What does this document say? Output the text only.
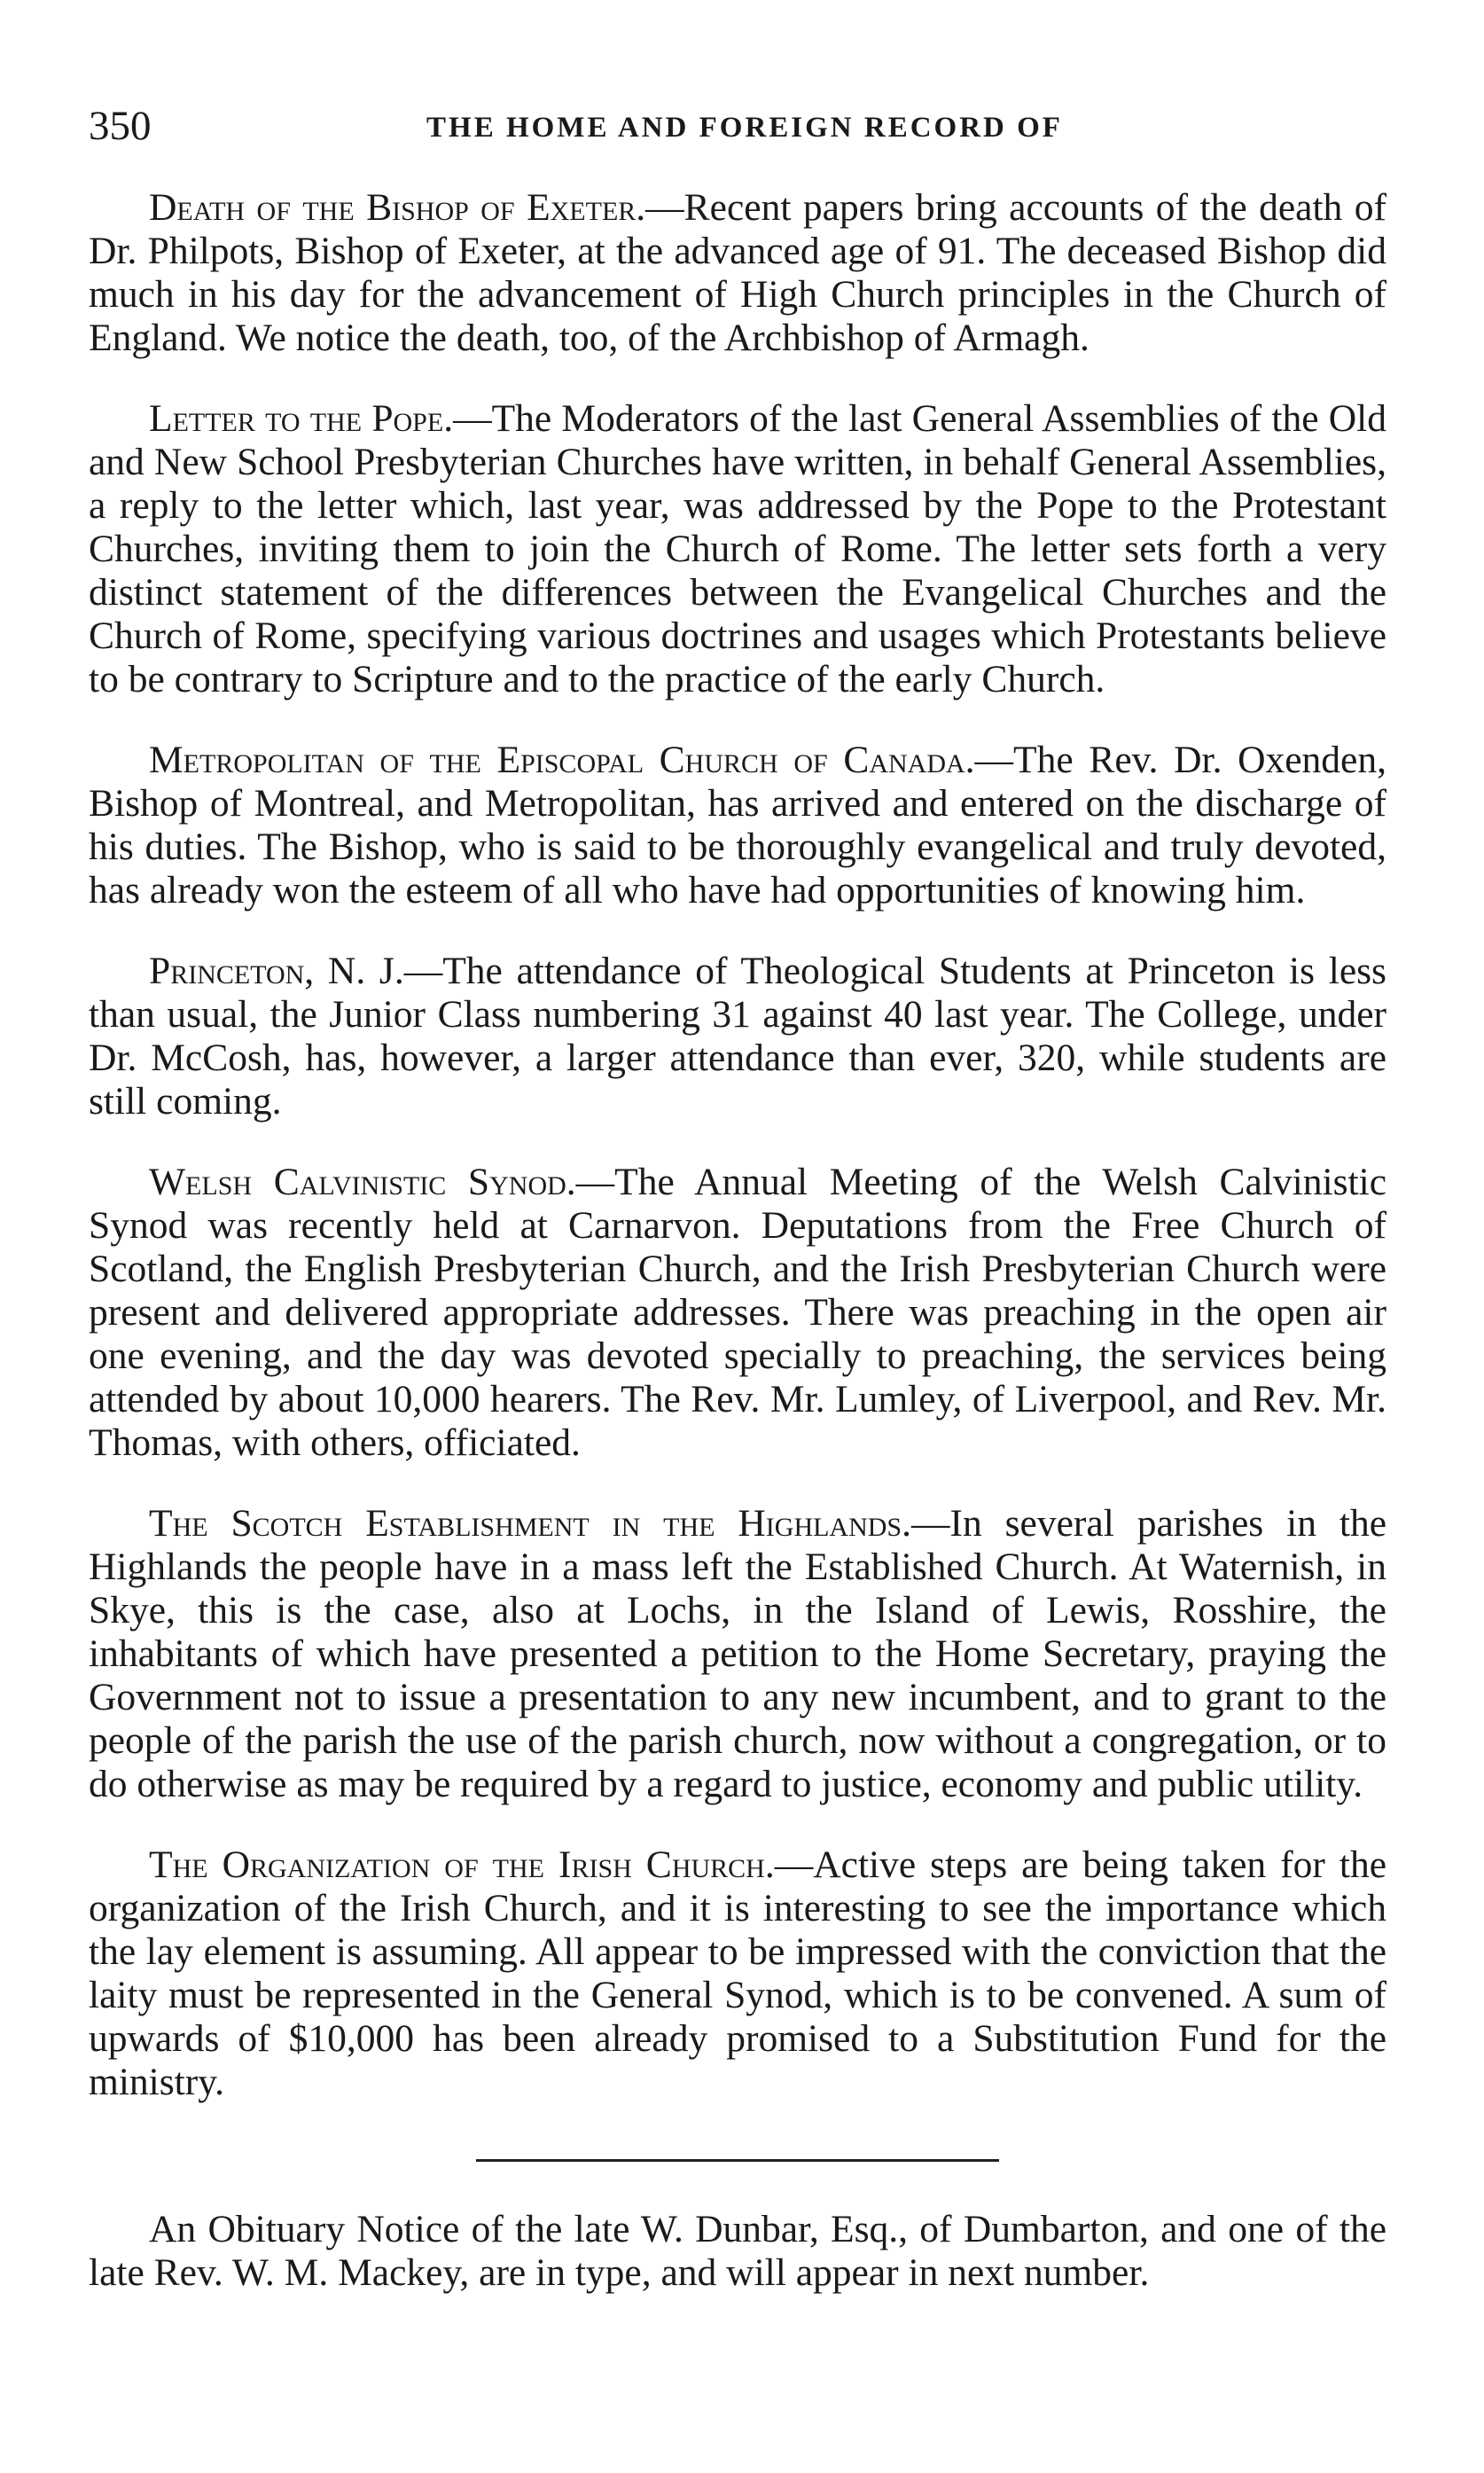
350	THE HOME AND FOREIGN RECORD OF

Death of the Bishop of Exeter.—Recent papers bring accounts of the death of Dr. Philpots, Bishop of Exeter, at the advanced age of 91. The deceased Bishop did much in his day for the advancement of High Church principles in the Church of England. We notice the death, too, of the Archbishop of Armagh.

Letter to the Pope.—The Moderators of the last General Assemblies of the Old and New School Presbyterian Churches have written, in behalf General Assemblies, a reply to the letter which, last year, was addressed by the Pope to the Protestant Churches, inviting them to join the Church of Rome. The letter sets forth a very distinct statement of the differences between the Evangelical Churches and the Church of Rome, specifying various doctrines and usages which Protestants believe to be contrary to Scripture and to the practice of the early Church.

Metropolitan of the Episcopal Church of Canada.—The Rev. Dr. Oxenden, Bishop of Montreal, and Metropolitan, has arrived and entered on the discharge of his duties. The Bishop, who is said to be thoroughly evangelical and truly devoted, has already won the esteem of all who have had opportunities of knowing him.

Princeton, N. J.—The attendance of Theological Students at Princeton is less than usual, the Junior Class numbering 31 against 40 last year. The College, under Dr. McCosh, has, however, a larger attendance than ever, 320, while students are still coming.

Welsh Calvinistic Synod.—The Annual Meeting of the Welsh Calvinistic Synod was recently held at Carnarvon. Deputations from the Free Church of Scotland, the English Presbyterian Church, and the Irish Presbyterian Church were present and delivered appropriate addresses. There was preaching in the open air one evening, and the day was devoted specially to preaching, the services being attended by about 10,000 hearers. The Rev. Mr. Lumley, of Liverpool, and Rev. Mr. Thomas, with others, officiated.

The Scotch Establishment in the Highlands.—In several parishes in the Highlands the people have in a mass left the Established Church. At Waternish, in Skye, this is the case, also at Lochs, in the Island of Lewis, Rosshire, the inhabitants of which have presented a petition to the Home Secretary, praying the Government not to issue a presentation to any new incumbent, and to grant to the people of the parish the use of the parish church, now without a congregation, or to do otherwise as may be required by a regard to justice, economy and public utility.

The Organization of the Irish Church.—Active steps are being taken for the organization of the Irish Church, and it is interesting to see the importance which the lay element is assuming. All appear to be impressed with the conviction that the laity must be represented in the General Synod, which is to be convened. A sum of upwards of $10,000 has been already promised to a Substitution Fund for the ministry.

An Obituary Notice of the late W. Dunbar, Esq., of Dumbarton, and one of the late Rev. W. M. Mackey, are in type, and will appear in next number.
